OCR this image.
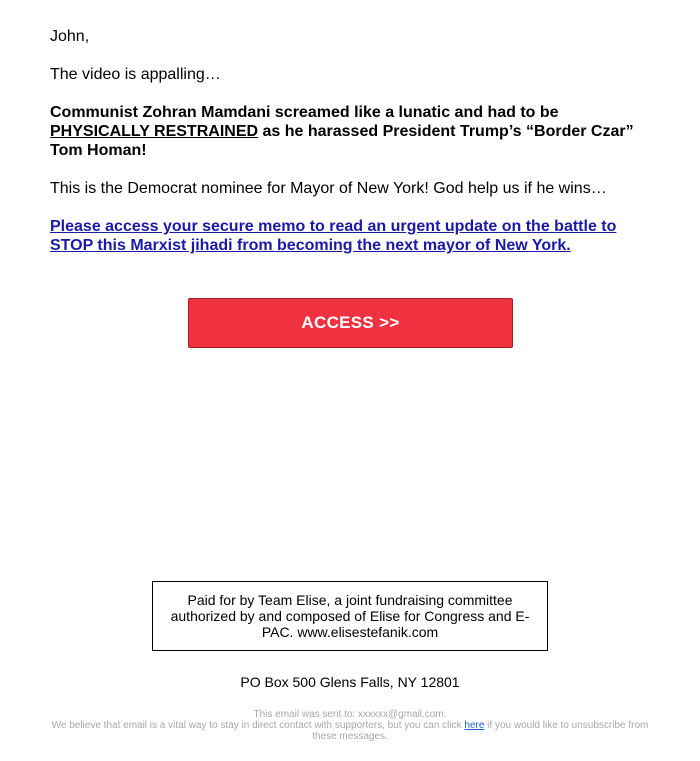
John,

The video is appalling…

Communist Zohran Mamdani screamed like a lunatic and had to be PHYSICALLY RESTRAINED as he harassed President Trump’s “Border Czar” Tom Homan!

This is the Democrat nominee for Mayor of New York! God help us if he wins…

Please access your secure memo to read an urgent update on the battle to STOP this Marxist jihadi from becoming the next mayor of New York.
ACCESS >>
Paid for by Team Elise, a joint fundraising committee authorized by and composed of Elise for Congress and E-PAC. www.elisestefanik.com
PO Box 500 Glens Falls, NY 12801
This email was sent to: xxxxxx@gmail.com.
We believe that email is a vital way to stay in direct contact with supporters, but you can click here if you would like to unsubscribe from these messages.
